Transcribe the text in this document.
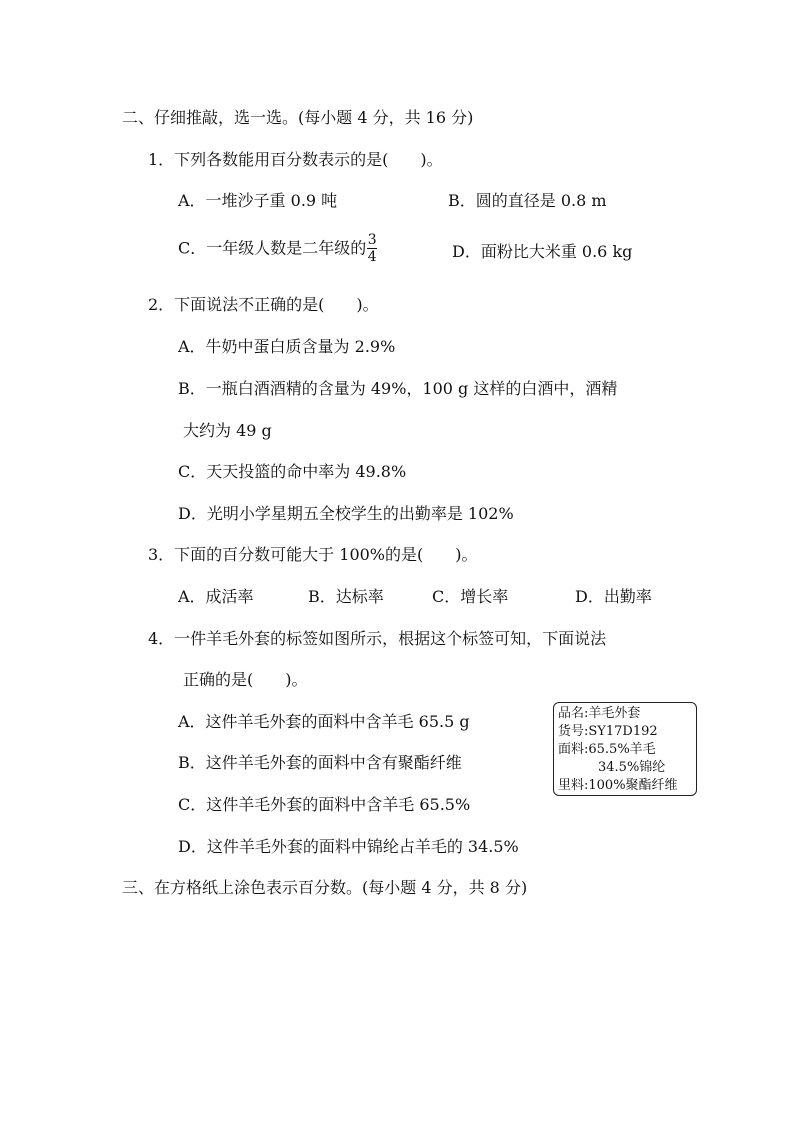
二、仔细推敲，选一选。(每小题 4 分，共 16 分)
1．下列各数能用百分数表示的是(　　)。
A．一堆沙子重 0.9 吨	B．圆的直径是 0.8 m
C．一年级人数是二年级的 $\frac{3}{4}$	D．面粉比大米重 0.6 kg
2．下面说法不正确的是(　　)。
A．牛奶中蛋白质含量为 2.9%
B．一瓶白酒酒精的含量为 49%，100 g 这样的白酒中，酒精
大约为 49 g
C．天天投篮的命中率为 49.8%
D．光明小学星期五全校学生的出勤率是 102%
3．下面的百分数可能大于 100%的是(　　)。
A．成活率	B．达标率	C．增长率	D．出勤率
4．一件羊毛外套的标签如图所示，根据这个标签可知，下面说法
正确的是(　　)。
A．这件羊毛外套的面料中含羊毛 65.5 g
B．这件羊毛外套的面料中含有聚酯纤维
C．这件羊毛外套的面料中含羊毛 65.5%
D．这件羊毛外套的面料中锦纶占羊毛的 34.5%
品名:羊毛外套
货号:SY17D192
面料:65.5%羊毛
34.5%锦纶
里料:100%聚酯纤维
三、在方格纸上涂色表示百分数。(每小题 4 分，共 8 分)
